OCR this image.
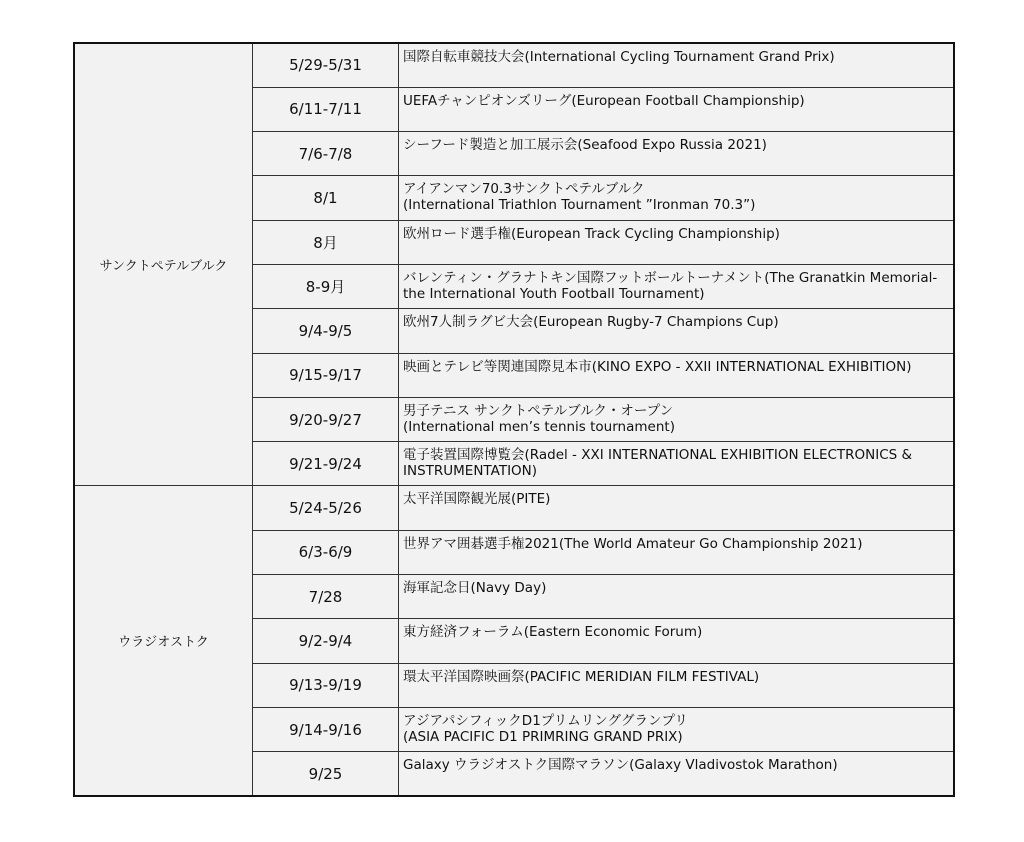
サンクトペテルブルク	5/29-5/31	国際自転車競技大会(International Cycling Tournament Grand Prix)
	6/11-7/11	UEFAチャンピオンズリーグ(European Football Championship)
	7/6-7/8	シーフード製造と加工展示会(Seafood Expo Russia 2021)
	8/1	アイアンマン70.3サンクトペテルブルク
(International Triathlon Tournament ”Ironman 70.3”)
	8月	欧州ロード選手権(European Track Cycling Championship)
	8-9月	バレンティン・グラナトキン国際フットボールトーナメント(The Granatkin Memorial-the International Youth Football Tournament)
	9/4-9/5	欧州7人制ラグビ大会(European Rugby-7 Champions Cup)
	9/15-9/17	映画とテレビ等関連国際見本市(KINO EXPO - XXII INTERNATIONAL EXHIBITION)
	9/20-9/27	男子テニス サンクトペテルブルク・オープン
(International men’s tennis tournament)
	9/21-9/24	電子装置国際博覧会(Radel - XXI INTERNATIONAL EXHIBITION ELECTRONICS & INSTRUMENTATION)
ウラジオストク	5/24-5/26	太平洋国際観光展(PITE)
	6/3-6/9	世界アマ囲碁選手権2021(The World Amateur Go Championship 2021)
	7/28	海軍記念日(Navy Day)
	9/2-9/4	東方経済フォーラム(Eastern Economic Forum)
	9/13-9/19	環太平洋国際映画祭(PACIFIC MERIDIAN FILM FESTIVAL)
	9/14-9/16	アジアパシフィックD1プリムリンググランプリ
(ASIA PACIFIC D1 PRIMRING GRAND PRIX)
	9/25	Galaxy ウラジオストク国際マラソン(Galaxy Vladivostok Marathon)
